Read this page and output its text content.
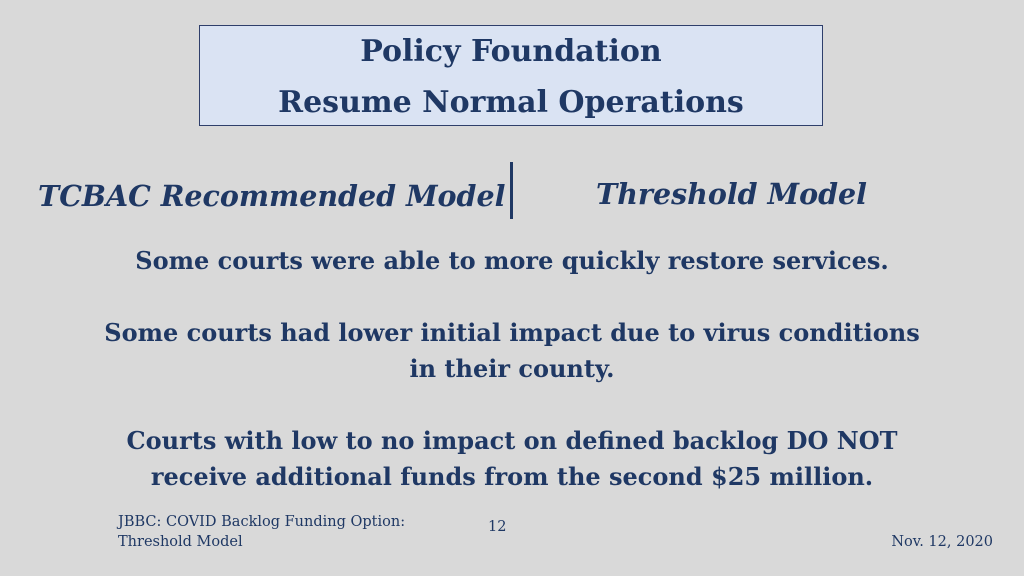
Policy Foundation
Resume Normal Operations
TCBAC Recommended Model	Threshold Model
Some courts were able to more quickly restore services.
Some courts had lower initial impact due to virus conditions
in their county.
Courts with low to no impact on defined backlog DO NOT
receive additional funds from the second $25 million.
JBBC: COVID Backlog Funding Option:
Threshold Model
12
Nov. 12, 2020
